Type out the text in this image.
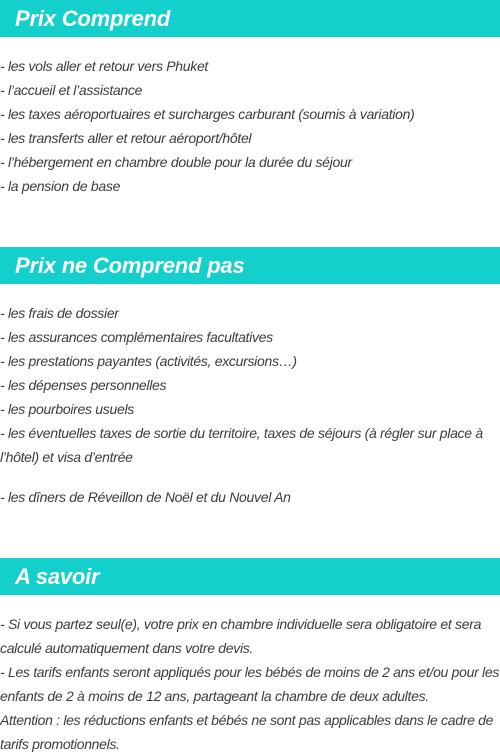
Prix Comprend
- les vols aller et retour vers Phuket
- l’accueil et l’assistance
- les taxes aéroportuaires et surcharges carburant (soumis à variation)
- les transferts aller et retour aéroport/hôtel
- l’hébergement en chambre double pour la durée du séjour
- la pension de base
Prix ne Comprend pas
- les frais de dossier
- les assurances complémentaires facultatives
- les prestations payantes (activités, excursions…)
- les dépenses personnelles
- les pourboires usuels
- les éventuelles taxes de sortie du territoire, taxes de séjours (à régler sur place à l’hôtel) et visa d’entrée
- les dîners de Réveillon de Noël et du Nouvel An
A savoir
- Si vous partez seul(e), votre prix en chambre individuelle sera obligatoire et sera calculé automatiquement dans votre devis.
- Les tarifs enfants seront appliqués pour les bébés de moins de 2 ans et/ou pour les enfants de 2 à moins de 12 ans, partageant la chambre de deux adultes.
Attention : les réductions enfants et bébés ne sont pas applicables dans le cadre de tarifs promotionnels.
